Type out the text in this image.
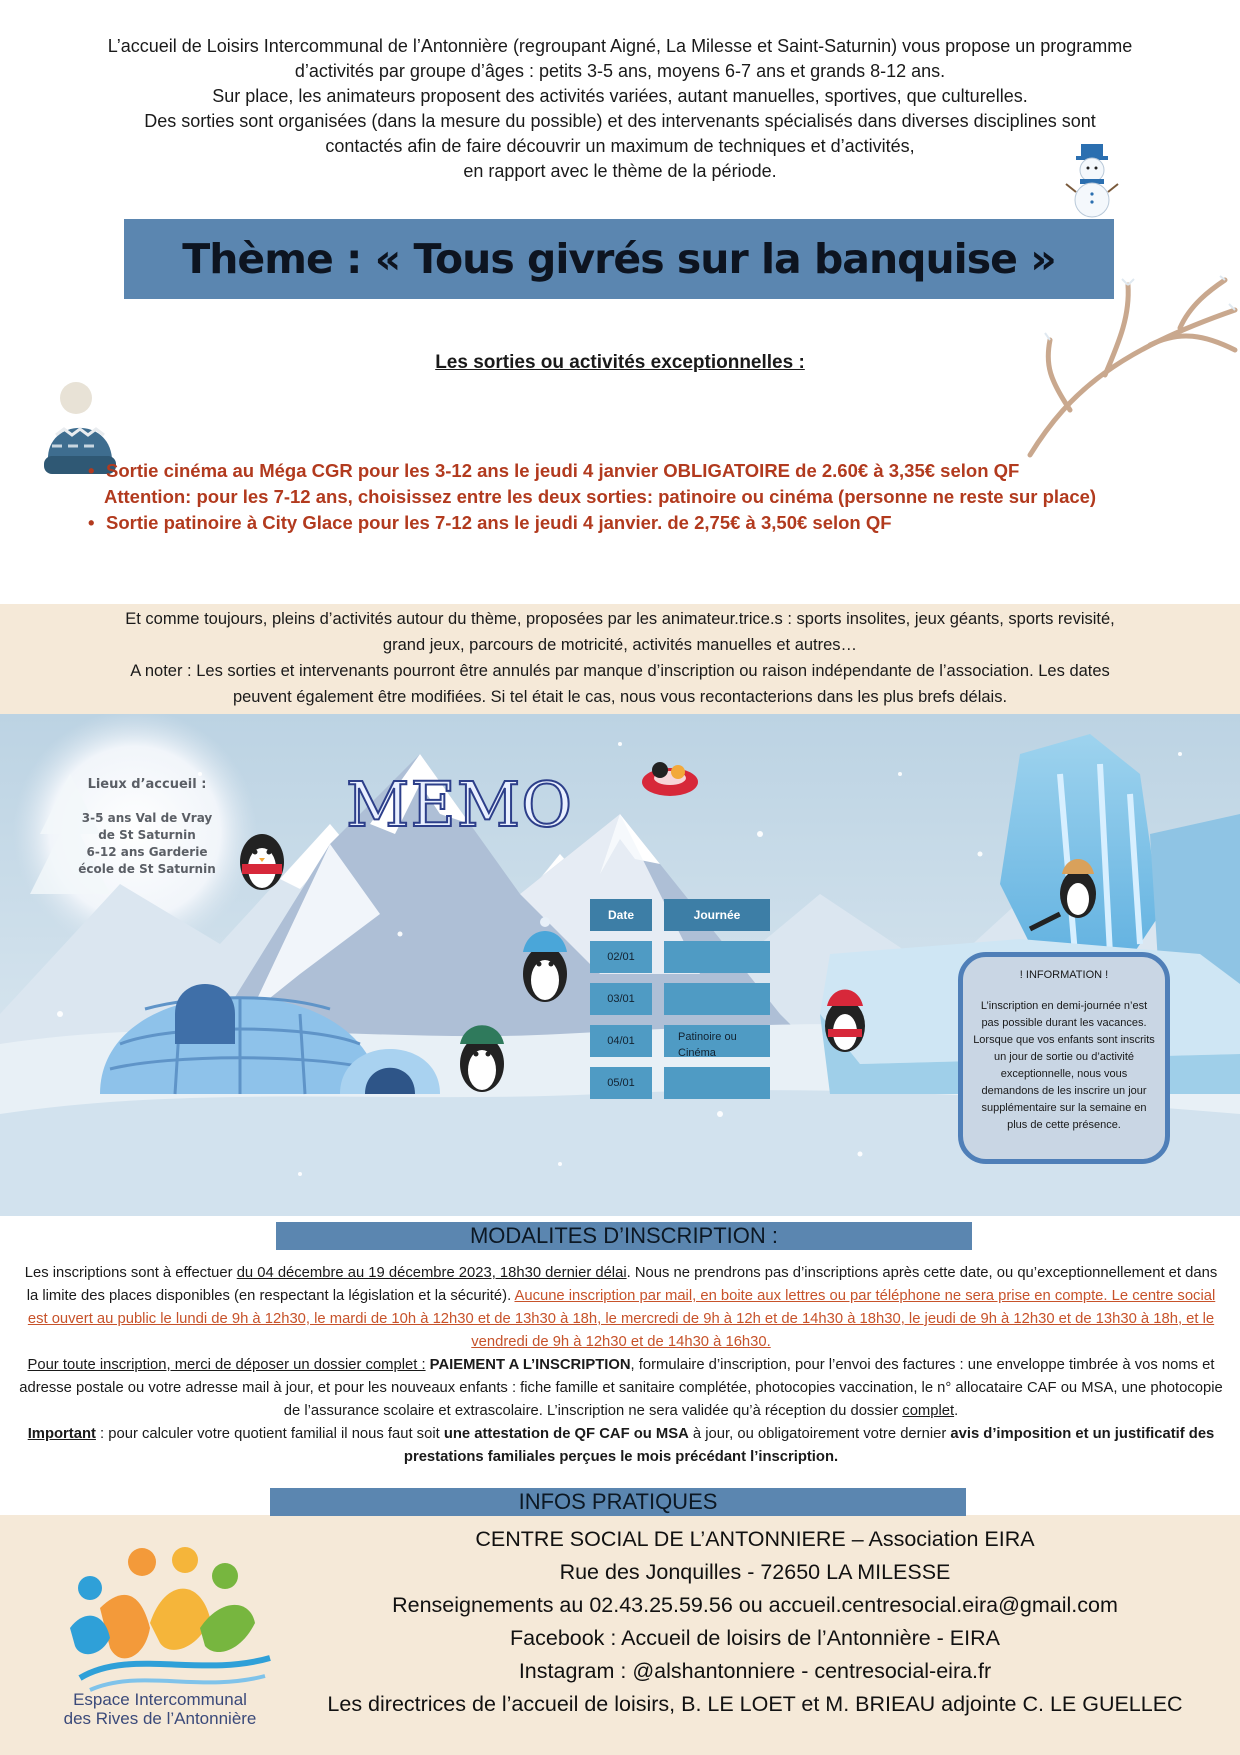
L’accueil de Loisirs Intercommunal de l’Antonnière (regroupant Aigné, La Milesse et Saint-Saturnin) vous propose un programme

d’activités par groupe d’âges : petits 3-5 ans, moyens 6-7 ans et grands 8-12 ans.

Sur place, les animateurs proposent des activités variées, autant manuelles, sportives, que culturelles.

Des sorties sont organisées (dans la mesure du possible) et des intervenants spécialisés dans diverses disciplines sont

contactés afin de faire découvrir un maximum de techniques et d’activités,

en rapport avec le thème de la période.

Thème : « Tous givrés sur la banquise »
Les sorties ou activités exceptionnelles :
• Sortie cinéma au Méga CGR pour les 3-12 ans le jeudi 4 janvier OBLIGATOIRE de 2.60€ à 3,35€ selon QF
Attention: pour les 7-12 ans, choisissez entre les deux sorties: patinoire ou cinéma (personne ne reste sur place)
• Sortie patinoire à City Glace pour les 7-12 ans le jeudi 4 janvier. de 2,75€ à 3,50€ selon QF
Et comme toujours, pleins d’activités autour du thème, proposées par les animateur.trice.s : sports insolites, jeux géants, sports revisité,
grand jeux, parcours de motricité, activités manuelles et autres…
A noter : Les sorties et intervenants pourront être annulés par manque d’inscription ou raison indépendante de l’association. Les dates
peuvent également être modifiées. Si tel était le cas, nous vous recontacterions dans les plus brefs délais.
Lieux d’accueil :
3-5 ans Val de Vray
de St Saturnin
6-12 ans Garderie
école de St Saturnin
MEMO
Date	Journée
02/01
03/01
04/01	Patinoire ou Cinéma
05/01
! INFORMATION !
L’inscription en demi-journée n’est pas possible durant les vacances. Lorsque que vos enfants sont inscrits un jour de sortie ou d’activité exceptionnelle, nous vous demandons de les inscrire un jour supplémentaire sur la semaine en plus de cette présence.
MODALITES D’INSCRIPTION :

Les inscriptions sont à effectuer du 04 décembre au 19 décembre 2023, 18h30 dernier délai. Nous ne prendrons pas d’inscriptions après cette date, ou qu’exceptionnellement et dans la limite des places disponibles (en respectant la législation et la sécurité). Aucune inscription par mail, en boite aux lettres ou par téléphone ne sera prise en compte. Le centre social est ouvert au public le lundi de 9h à 12h30, le mardi de 10h à 12h30 et de 13h30 à 18h, le mercredi de 9h à 12h et de 14h30 à 18h30, le jeudi de 9h à 12h30 et de 13h30 à 18h, et le vendredi de 9h à 12h30 et de 14h30 à 16h30.

Pour toute inscription, merci de déposer un dossier complet : PAIEMENT A L’INSCRIPTION, formulaire d’inscription, pour l’envoi des factures : une enveloppe timbrée à vos noms et adresse postale ou votre adresse mail à jour, et pour les nouveaux enfants : fiche famille et sanitaire complétée, photocopies vaccination, le n° allocataire CAF ou MSA, une photocopie de l’assurance scolaire et extrascolaire. L’inscription ne sera validée qu’à réception du dossier complet.

Important : pour calculer votre quotient familial il nous faut soit une attestation de QF CAF ou MSA à jour, ou obligatoirement votre dernier avis d’imposition et un justificatif des prestations familiales perçues le mois précédant l’inscription.

CENTRE SOCIAL DE L’ANTONNIERE – Association EIRA
Rue des Jonquilles - 72650 LA MILESSE
Renseignements au 02.43.25.59.56 ou accueil.centresocial.eira@gmail.com
Facebook : Accueil de loisirs de l’Antonnière - EIRA
Instagram : @alshantonniere - centresocial-eira.fr
Les directrices de l’accueil de loisirs, B. LE LOET et M. BRIEAU adjointe C. LE GUELLEC
INFOS PRATIQUES
Espace Intercommunal
des Rives de l’Antonnière
